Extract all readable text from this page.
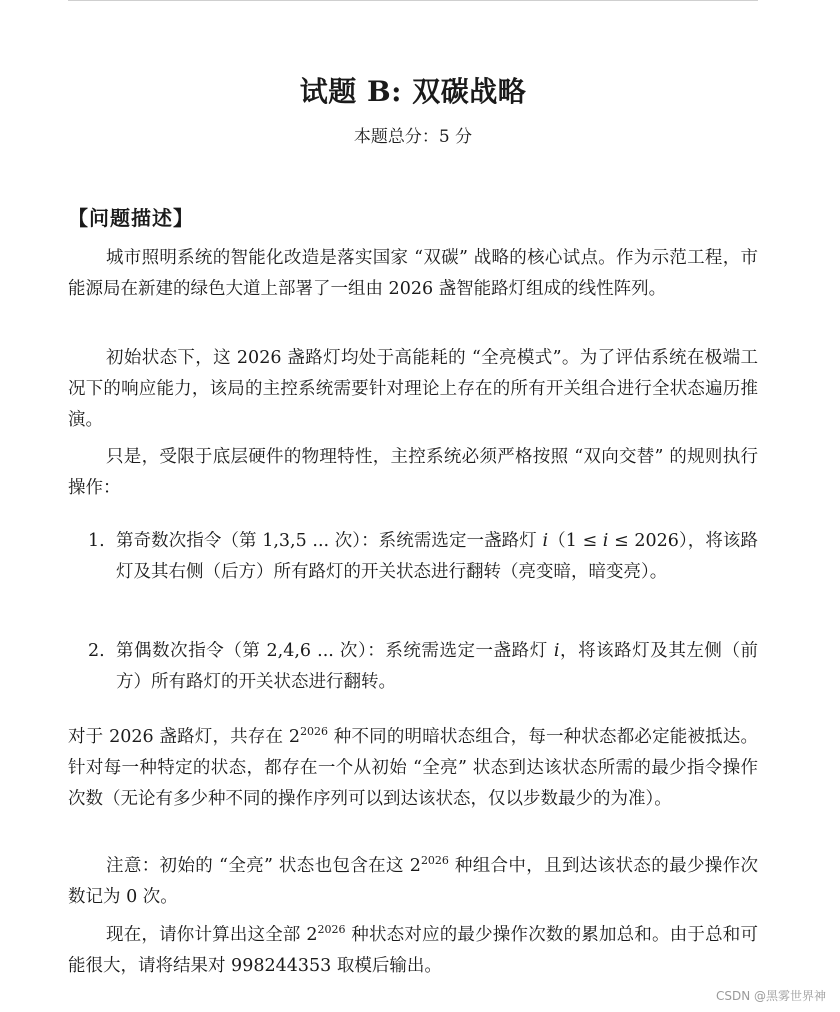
试题 B: 双碳战略
本题总分：5 分
【问题描述】
城市照明系统的智能化改造是落实国家 “双碳” 战略的核心试点。作为示范工程，市能源局在新建的绿色大道上部署了一组由 2026 盏智能路灯组成的线性阵列。
初始状态下，这 2026 盏路灯均处于高能耗的 “全亮模式”。为了评估系统在极端工况下的响应能力，该局的主控系统需要针对理论上存在的所有开关组合进行全状态遍历推演。
只是，受限于底层硬件的物理特性，主控系统必须严格按照 “双向交替” 的规则执行操作：
1. 第奇数次指令（第 1,3,5 ... 次）：系统需选定一盏路灯 i（1 ≤ i ≤ 2026），将该路灯及其右侧（后方）所有路灯的开关状态进行翻转（亮变暗，暗变亮）。
2. 第偶数次指令（第 2,4,6 ... 次）：系统需选定一盏路灯 i，将该路灯及其左侧（前方）所有路灯的开关状态进行翻转。
对于 2026 盏路灯，共存在 $2^{2026}$ 种不同的明暗状态组合，每一种状态都必定能被抵达。针对每一种特定的状态，都存在一个从初始 “全亮” 状态到达该状态所需的最少指令操作次数（无论有多少种不同的操作序列可以到达该状态，仅以步数最少的为准）。
注意：初始的 “全亮” 状态也包含在这 $2^{2026}$ 种组合中，且到达该状态的最少操作次数记为 0 次。
现在，请你计算出这全部 $2^{2026}$ 种状态对应的最少操作次数的累加总和。由于总和可能很大，请将结果对 998244353 取模后输出。
CSDN @黑雾世界神
